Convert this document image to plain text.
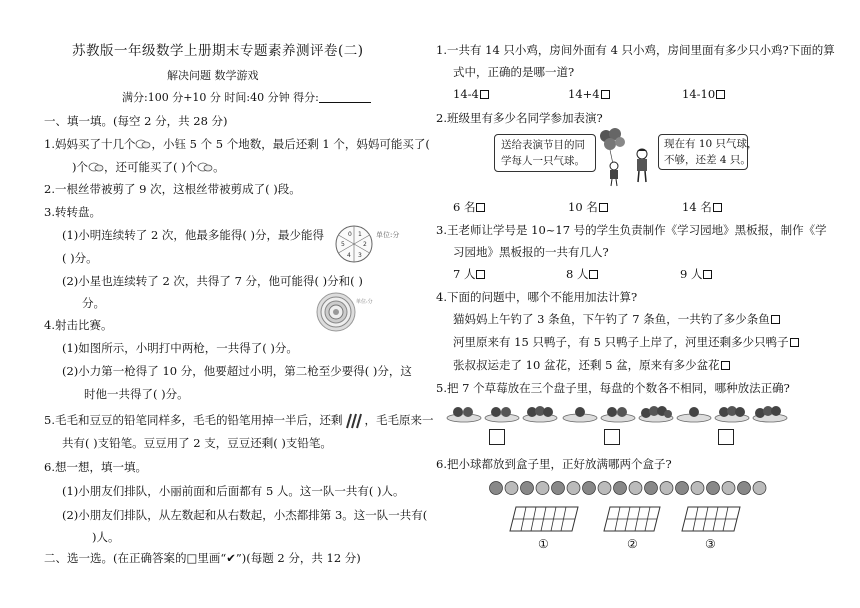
苏教版一年级数学上册期末专题素养测评卷(二)
解决问题 数学游戏
满分:100 分+10 分 时间:40 分钟 得分:
一、填一填。(每空 2 分，共 28 分)
1.妈妈买了十几个 ，小钰 5 个 5 个地数，最后还剩 1 个，妈妈可能买了(
)个 ，还可能买了( )个 。
2.一根丝带被剪了 9 次，这根丝带被剪成了( )段。
3.转转盘。
(1)小明连续转了 2 次，他最多能得( )分，最少能得
( )分。
(2)小星也连续转了 2 次，共得了 7 分，他可能得( )分和( )
分。
0 1
2
3
4
5
单位:分
单位:分
4.射击比赛。
(1)如图所示，小明打中两枪，一共得了( )分。
(2)小力第一枪得了 10 分，他要超过小明，第二枪至少要得( )分，这
时他一共得了( )分。
5.毛毛和豆豆的铅笔同样多，毛毛的铅笔用掉一半后，还剩 ，毛毛原来一
共有( )支铅笔。豆豆用了 2 支，豆豆还剩( )支铅笔。
6.想一想，填一填。
(1)小朋友们排队，小丽前面和后面都有 5 人。这一队一共有( )人。
(2)小朋友们排队，从左数起和从右数起，小杰都排第 3。这一队一共有(
)人。
二、选一选。(在正确答案的□里画“✔”)(每题 2 分，共 12 分)
1.一共有 14 只小鸡，房间外面有 4 只小鸡，房间里面有多少只小鸡?下面的算
式中，正确的是哪一道?
14-4	14+4	14-10
2.班级里有多少名同学参加表演?
送给表演节目的同
学每人一只气球。
现在有 10 只气球，
不够，还差 4 只。
6 名	10 名	14 名
3.王老师让学号是 10~17 号的学生负责制作《学习园地》黑板报，制作《学
习园地》黑板报的一共有几人?
7 人	8 人	9 人
4.下面的问题中，哪个不能用加法计算?
猫妈妈上午钓了 3 条鱼，下午钓了 7 条鱼，一共钓了多少条鱼
河里原来有 15 只鸭子，有 5 只鸭子上岸了，河里还剩多少只鸭子
张叔叔运走了 10 盆花，还剩 5 盆，原来有多少盆花
5.把 7 个草莓放在三个盘子里，每盘的个数各不相同，哪种放法正确?
6.把小球都放到盒子里，正好放满哪两个盒子?
①	②	③
